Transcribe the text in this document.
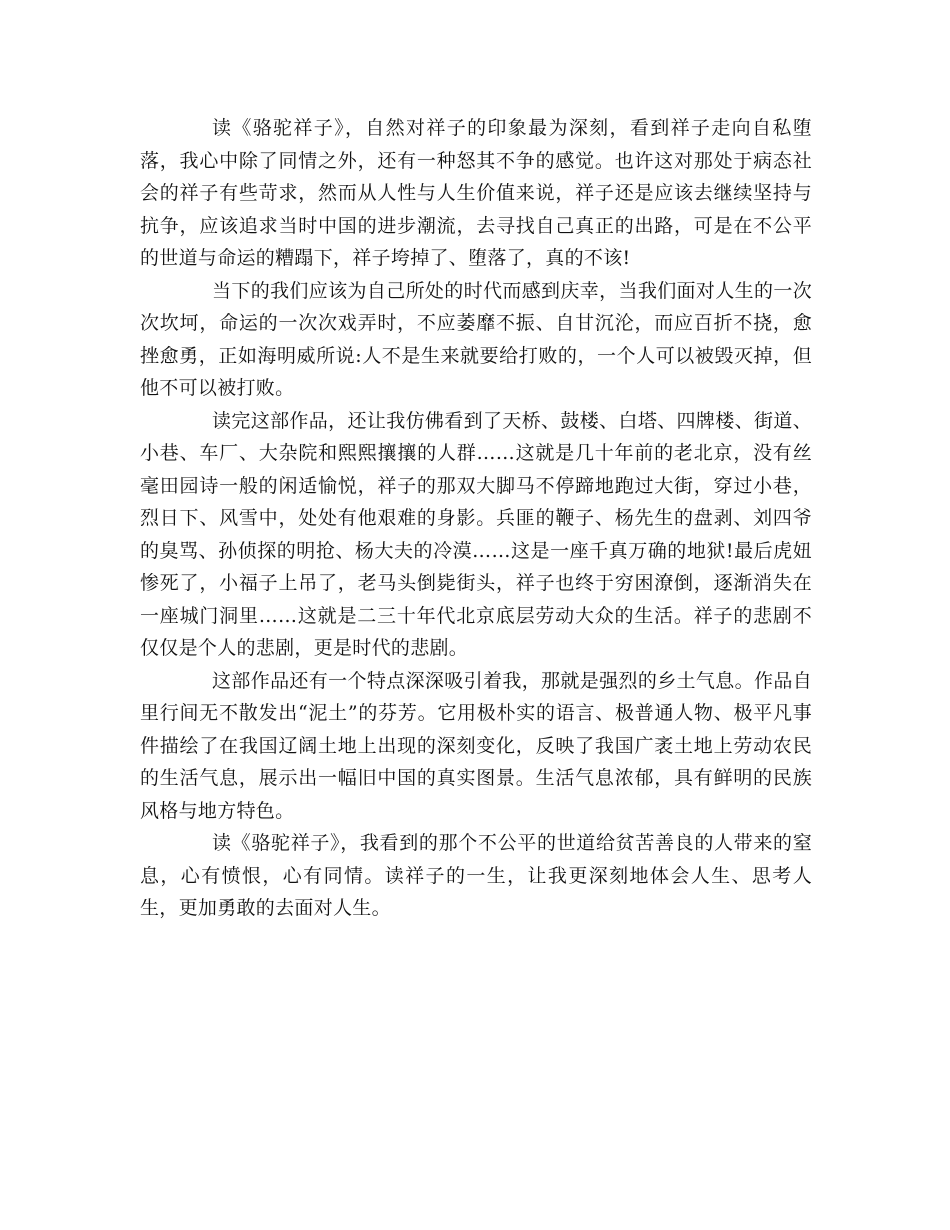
读《骆驼祥子》，自然对祥子的印象最为深刻，看到祥子走向自私堕落，我心中除了同情之外，还有一种怒其不争的感觉。也许这对那处于病态社会的祥子有些苛求，然而从人性与人生价值来说，祥子还是应该去继续坚持与抗争，应该追求当时中国的进步潮流，去寻找自己真正的出路，可是在不公平的世道与命运的糟蹋下，祥子垮掉了、堕落了，真的不该!

当下的我们应该为自己所处的时代而感到庆幸，当我们面对人生的一次次坎坷，命运的一次次戏弄时，不应萎靡不振、自甘沉沦，而应百折不挠，愈挫愈勇，正如海明威所说:人不是生来就要给打败的，一个人可以被毁灭掉，但他不可以被打败。

读完这部作品，还让我仿佛看到了天桥、鼓楼、白塔、四牌楼、街道、小巷、车厂、大杂院和熙熙攘攘的人群……这就是几十年前的老北京，没有丝毫田园诗一般的闲适愉悦，祥子的那双大脚马不停蹄地跑过大街，穿过小巷，烈日下、风雪中，处处有他艰难的身影。兵匪的鞭子、杨先生的盘剥、刘四爷的臭骂、孙侦探的明抢、杨大夫的冷漠……这是一座千真万确的地狱!最后虎妞惨死了，小福子上吊了，老马头倒毙街头，祥子也终于穷困潦倒，逐渐消失在一座城门洞里……这就是二三十年代北京底层劳动大众的生活。祥子的悲剧不仅仅是个人的悲剧，更是时代的悲剧。

这部作品还有一个特点深深吸引着我，那就是强烈的乡土气息。作品自里行间无不散发出“泥土”的芬芳。它用极朴实的语言、极普通人物、极平凡事件描绘了在我国辽阔土地上出现的深刻变化，反映了我国广袤土地上劳动农民的生活气息，展示出一幅旧中国的真实图景。生活气息浓郁，具有鲜明的民族风格与地方特色。

读《骆驼祥子》，我看到的那个不公平的世道给贫苦善良的人带来的窒息，心有愤恨，心有同情。读祥子的一生，让我更深刻地体会人生、思考人生，更加勇敢的去面对人生。
